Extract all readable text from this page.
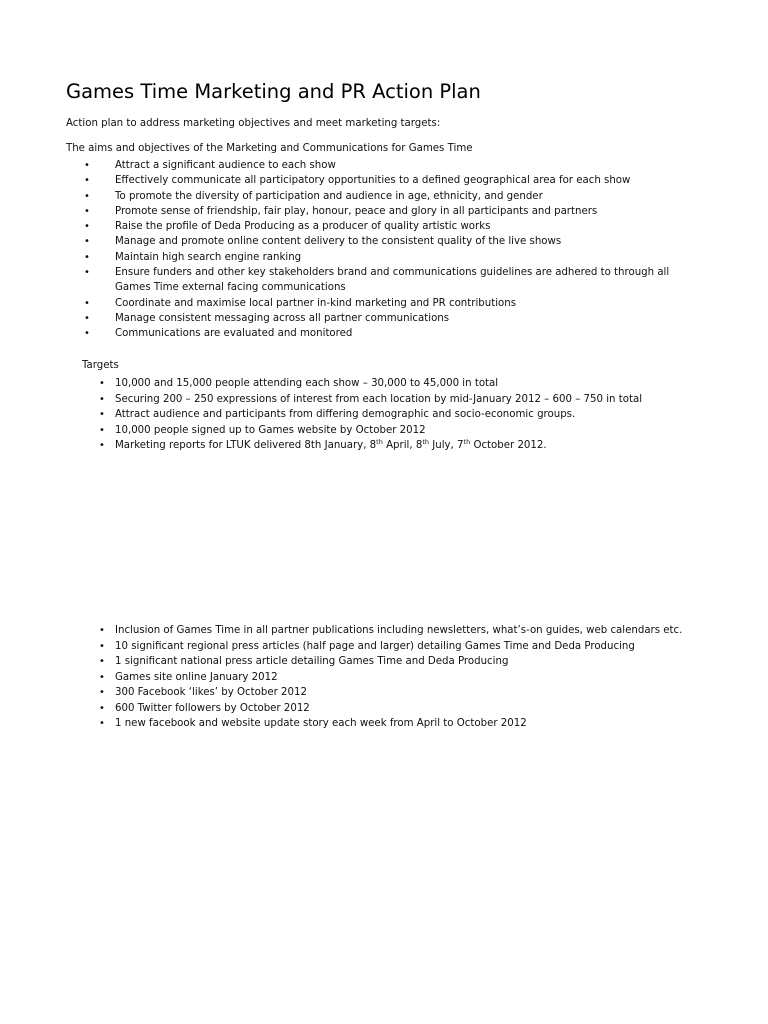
Games Time Marketing and PR Action Plan

Action plan to address marketing objectives and meet marketing targets:

The aims and objectives of the Marketing and Communications for Games Time

• Attract a significant audience to each show
• Effectively communicate all participatory opportunities to a defined geographical area for each show
• To promote the diversity of participation and audience in age, ethnicity, and gender
• Promote sense of friendship, fair play, honour, peace and glory in all participants and partners
• Raise the profile of Deda Producing as a producer of quality artistic works
• Manage and promote online content delivery to the consistent quality of the live shows
• Maintain high search engine ranking
• Ensure funders and other key stakeholders brand and communications guidelines are adhered to through all Games Time external facing communications
• Coordinate and maximise local partner in-kind marketing and PR contributions
• Manage consistent messaging across all partner communications
• Communications are evaluated and monitored

Targets

• 10,000 and 15,000 people attending each show – 30,000 to 45,000 in total
• Securing 200 – 250 expressions of interest from each location by mid-January 2012 – 600 – 750 in total
• Attract audience and participants from differing demographic and socio-economic groups.
• 10,000 people signed up to Games website by October 2012
• Marketing reports for LTUK delivered 8th January, 8th April, 8th July, 7th October 2012.
• Inclusion of Games Time in all partner publications including newsletters, what’s-on guides, web calendars etc.
• 10 significant regional press articles (half page and larger) detailing Games Time and Deda Producing
• 1 significant national press article detailing Games Time and Deda Producing
• Games site online January 2012
• 300 Facebook ‘likes’ by October 2012
• 600 Twitter followers by October 2012
• 1 new facebook and website update story each week from April to October 2012
